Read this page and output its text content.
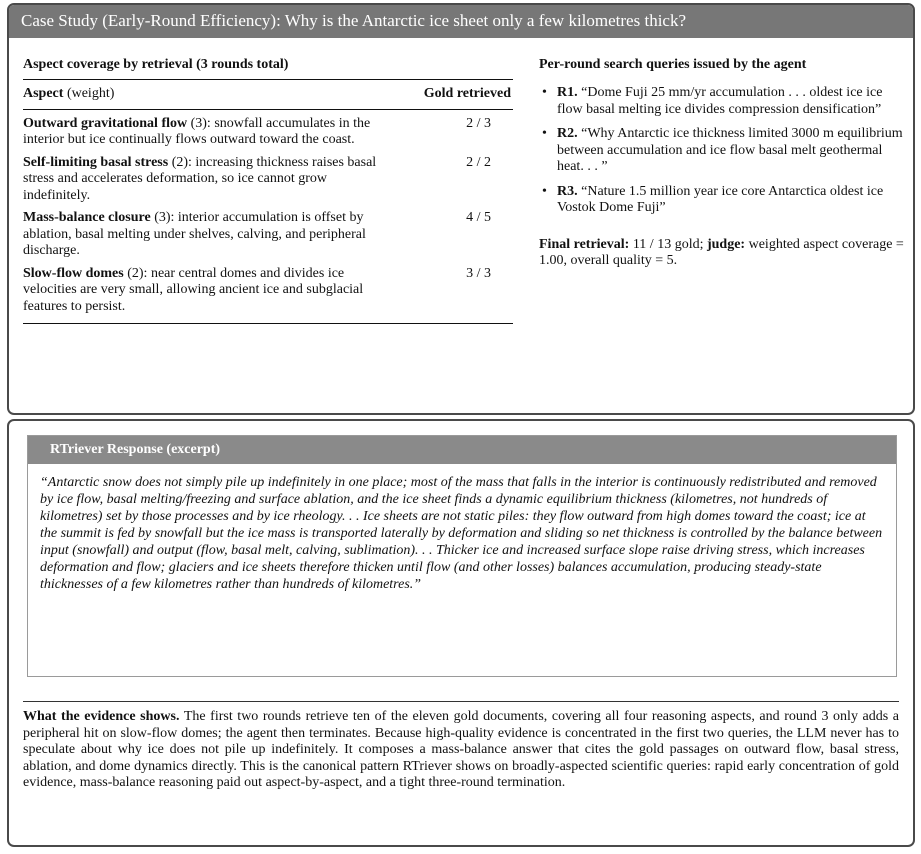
Case Study (Early-Round Efficiency): Why is the Antarctic ice sheet only a few kilometres thick?
Aspect coverage by retrieval (3 rounds total)
Aspect (weight)	Gold retrieved
Outward gravitational flow (3): snowfall accumulates in the interior but ice continually flows outward toward the coast.	2 / 3
Self-limiting basal stress (2): increasing thickness raises basal stress and accelerates deformation, so ice cannot grow indefinitely.	2 / 2
Mass-balance closure (3): interior accumulation is offset by ablation, basal melting under shelves, calving, and peripheral discharge.	4 / 5
Slow-flow domes (2): near central domes and divides ice velocities are very small, allowing ancient ice and subglacial features to persist.	3 / 3
Per-round search queries issued by the agent
• R1. “Dome Fuji 25 mm/yr accumulation . . . oldest ice ice flow basal melting ice divides compression densification”
• R2. “Why Antarctic ice thickness limited 3000 m equilibrium between accumulation and ice flow basal melt geothermal heat. . . ”
• R3. “Nature 1.5 million year ice core Antarctica oldest ice Vostok Dome Fuji”
Final retrieval: 11 / 13 gold; judge: weighted aspect coverage = 1.00, overall quality = 5.
RTriever Response (excerpt)
“Antarctic snow does not simply pile up indefinitely in one place; most of the mass that falls in the interior is continuously redistributed and removed by ice flow, basal melting/freezing and surface ablation, and the ice sheet finds a dynamic equilibrium thickness (kilometres, not hundreds of kilometres) set by those processes and by ice rheology. . . Ice sheets are not static piles: they flow outward from high domes toward the coast; ice at the summit is fed by snowfall but the ice mass is transported laterally by deformation and sliding so net thickness is controlled by the balance between input (snowfall) and output (flow, basal melt, calving, sublimation). . . Thicker ice and increased surface slope raise driving stress, which increases deformation and flow; glaciers and ice sheets therefore thicken until flow (and other losses) balances accumulation, producing steady-state thicknesses of a few kilometres rather than hundreds of kilometres.”
What the evidence shows. The first two rounds retrieve ten of the eleven gold documents, covering all four reasoning aspects, and round 3 only adds a peripheral hit on slow-flow domes; the agent then terminates. Because high-quality evidence is concentrated in the first two queries, the LLM never has to speculate about why ice does not pile up indefinitely. It composes a mass-balance answer that cites the gold passages on outward flow, basal stress, ablation, and dome dynamics directly. This is the canonical pattern RTriever shows on broadly-aspected scientific queries: rapid early concentration of gold evidence, mass-balance reasoning paid out aspect-by-aspect, and a tight three-round termination.
